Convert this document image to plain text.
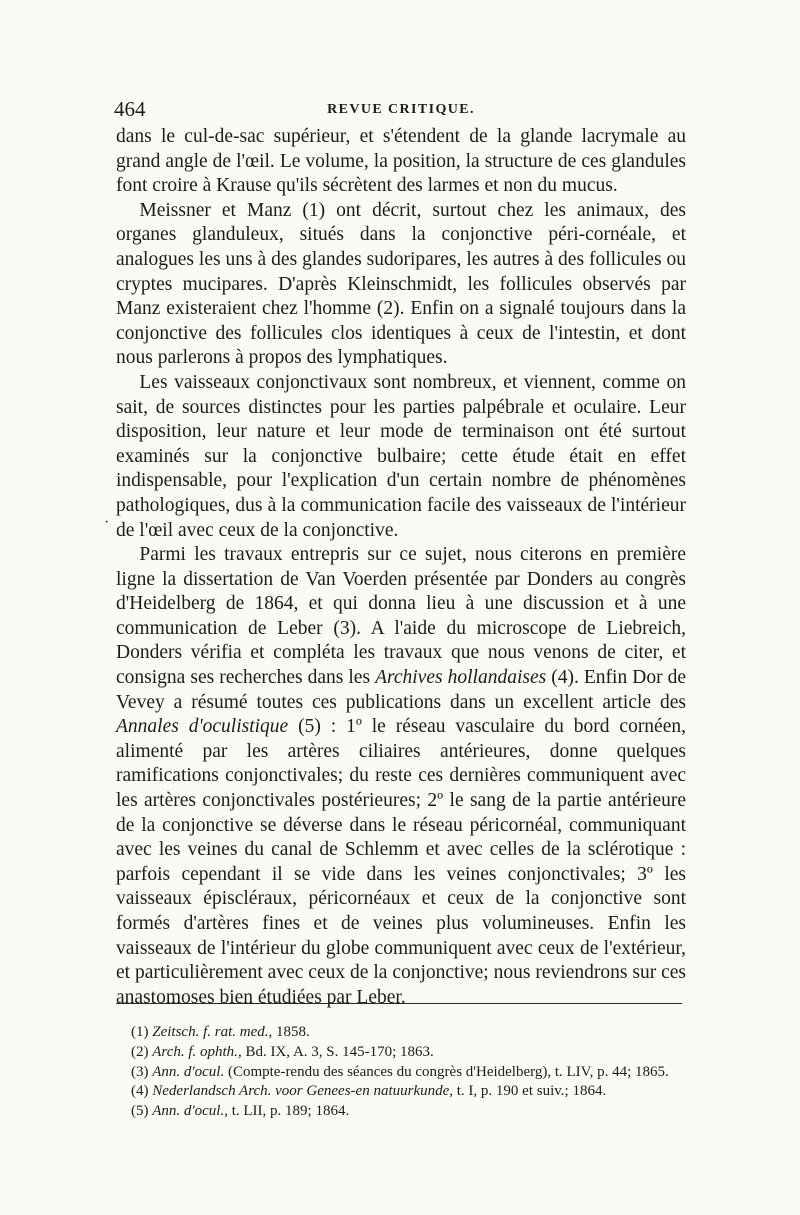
464	REVUE CRITIQUE.
·

dans le cul-de-sac supérieur, et s'étendent de la glande lacrymale au grand angle de l'œil. Le volume, la position, la structure de ces glandules font croire à Krause qu'ils sécrètent des larmes et non du mucus.

Meissner et Manz (1) ont décrit, surtout chez les animaux, des organes glanduleux, situés dans la conjonctive péri-cornéale, et analogues les uns à des glandes sudoripares, les autres à des follicules ou cryptes mucipares. D'après Kleinschmidt, les follicules observés par Manz existeraient chez l'homme (2). Enfin on a signalé toujours dans la conjonctive des follicules clos identiques à ceux de l'intestin, et dont nous parlerons à propos des lymphatiques.

Les vaisseaux conjonctivaux sont nombreux, et viennent, comme on sait, de sources distinctes pour les parties palpébrale et oculaire. Leur disposition, leur nature et leur mode de terminaison ont été surtout examinés sur la conjonctive bulbaire; cette étude était en effet indispensable, pour l'explication d'un certain nombre de phénomènes pathologiques, dus à la communication facile des vaisseaux de l'intérieur de l'œil avec ceux de la conjonctive.

Parmi les travaux entrepris sur ce sujet, nous citerons en première ligne la dissertation de Van Voerden présentée par Donders au congrès d'Heidelberg de 1864, et qui donna lieu à une discussion et à une communication de Leber (3). A l'aide du microscope de Liebreich, Donders vérifia et compléta les travaux que nous venons de citer, et consigna ses recherches dans les Archives hollandaises (4). Enfin Dor de Vevey a résumé toutes ces publications dans un excellent article des Annales d'oculistique (5) : 1º le réseau vasculaire du bord cornéen, alimenté par les artères ciliaires antérieures, donne quelques ramifications conjonctivales; du reste ces dernières communiquent avec les artères conjonctivales postérieures; 2º le sang de la partie antérieure de la conjonctive se déverse dans le réseau péricornéal, communiquant avec les veines du canal de Schlemm et avec celles de la sclérotique : parfois cependant il se vide dans les veines conjonctivales; 3º les vaisseaux épiscléraux, péricornéaux et ceux de la conjonctive sont formés d'artères fines et de veines plus volumineuses. Enfin les vaisseaux de l'intérieur du globe communiquent avec ceux de l'extérieur, et particulièrement avec ceux de la conjonctive; nous reviendrons sur ces anastomoses bien étudiées par Leber.

(1) Zeitsch. f. rat. med., 1858.

(2) Arch. f. ophth., Bd. IX, A. 3, S. 145-170; 1863.

(3) Ann. d'ocul. (Compte-rendu des séances du congrès d'Heidelberg), t. LIV, p. 44; 1865.

(4) Nederlandsch Arch. voor Genees-en natuurkunde, t. I, p. 190 et suiv.; 1864.

(5) Ann. d'ocul., t. LII, p. 189; 1864.
